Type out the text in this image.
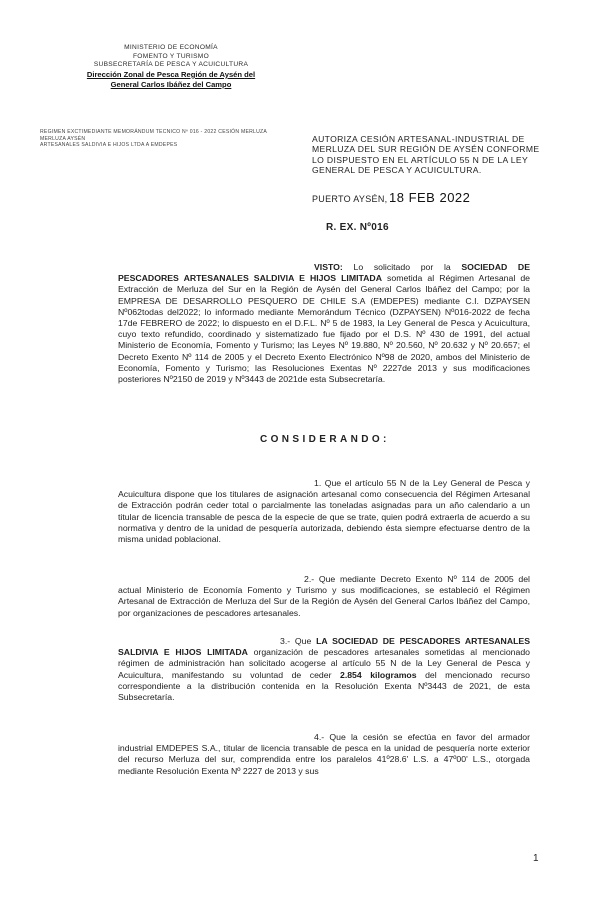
MINISTERIO DE ECONOMÍA
FOMENTO Y TURISMO
SUBSECRETARÍA DE PESCA Y ACUICULTURA
Dirección Zonal de Pesca Región de Aysén del
General Carlos Ibáñez del Campo
REGIMEN EXCTIMEDIANTE MEMORÁNDUM TECNICO Nº 016 - 2022 CESIÓN MERLUZA
MERLUZA AYSÉN
ARTESANALES SALDIVIA E HIJOS LTDA A EMDEPES
AUTORIZA CESIÓN ARTESANAL-INDUSTRIAL DE
MERLUZA DEL SUR REGIÓN DE AYSÉN CONFORME
LO DISPUESTO EN EL ARTÍCULO 55 N DE LA LEY
GENERAL DE PESCA Y ACUICULTURA.
PUERTO AYSÉN, 18 FEB 2022
R. EX. Nº016

VISTO: Lo solicitado por la SOCIEDAD DE PESCADORES ARTESANALES SALDIVIA E HIJOS LIMITADA sometida al Régimen Artesanal de Extracción de Merluza del Sur en la Región de Aysén del General Carlos Ibáñez del Campo; por la EMPRESA DE DESARROLLO PESQUERO DE CHILE S.A (EMDEPES) mediante C.I. DZPAYSEN Nº062todas del2022; lo informado mediante Memorándum Técnico (DZPAYSEN) Nº016-2022 de fecha 17de FEBRERO de 2022; lo dispuesto en el D.F.L. Nº 5 de 1983, la Ley General de Pesca y Acuicultura, cuyo texto refundido, coordinado y sistematizado fue fijado por el D.S. Nº 430 de 1991, del actual Ministerio de Economía, Fomento y Turismo; las Leyes Nº 19.880, Nº 20.560, Nº 20.632 y Nº 20.657; el Decreto Exento Nº 114 de 2005 y el Decreto Exento Electrónico Nº98 de 2020, ambos del Ministerio de Economía, Fomento y Turismo; las Resoluciones Exentas Nº 2227de 2013 y sus modificaciones posteriores Nº2150 de 2019 y Nº3443 de 2021de esta Subsecretaría.

CONSIDERANDO:

1. Que el artículo 55 N de la Ley General de Pesca y Acuicultura dispone que los titulares de asignación artesanal como consecuencia del Régimen Artesanal de Extracción podrán ceder total o parcialmente las toneladas asignadas para un año calendario a un titular de licencia transable de pesca de la especie de que se trate, quien podrá extraerla de acuerdo a su normativa y dentro de la unidad de pesquería autorizada, debiendo ésta siempre efectuarse dentro de la misma unidad poblacional.

2.- Que mediante Decreto Exento Nº 114 de 2005 del actual Ministerio de Economía Fomento y Turismo y sus modificaciones, se estableció el Régimen Artesanal de Extracción de Merluza del Sur de la Región de Aysén del General Carlos Ibáñez del Campo, por organizaciones de pescadores artesanales.

3.- Que LA SOCIEDAD DE PESCADORES ARTESANALES SALDIVIA E HIJOS LIMITADA organización de pescadores artesanales sometidas al mencionado régimen de administración han solicitado acogerse al artículo 55 N de la Ley General de Pesca y Acuicultura, manifestando su voluntad de ceder 2.854 kilogramos del mencionado recurso correspondiente a la distribución contenida en la Resolución Exenta Nº3443 de 2021, de esta Subsecretaría.

4.- Que la cesión se efectúa en favor del armador industrial EMDEPES S.A., titular de licencia transable de pesca en la unidad de pesquería norte exterior del recurso Merluza del sur, comprendida entre los paralelos 41º28.6' L.S. a 47º00' L.S., otorgada mediante Resolución Exenta Nº 2227 de 2013 y sus

1
